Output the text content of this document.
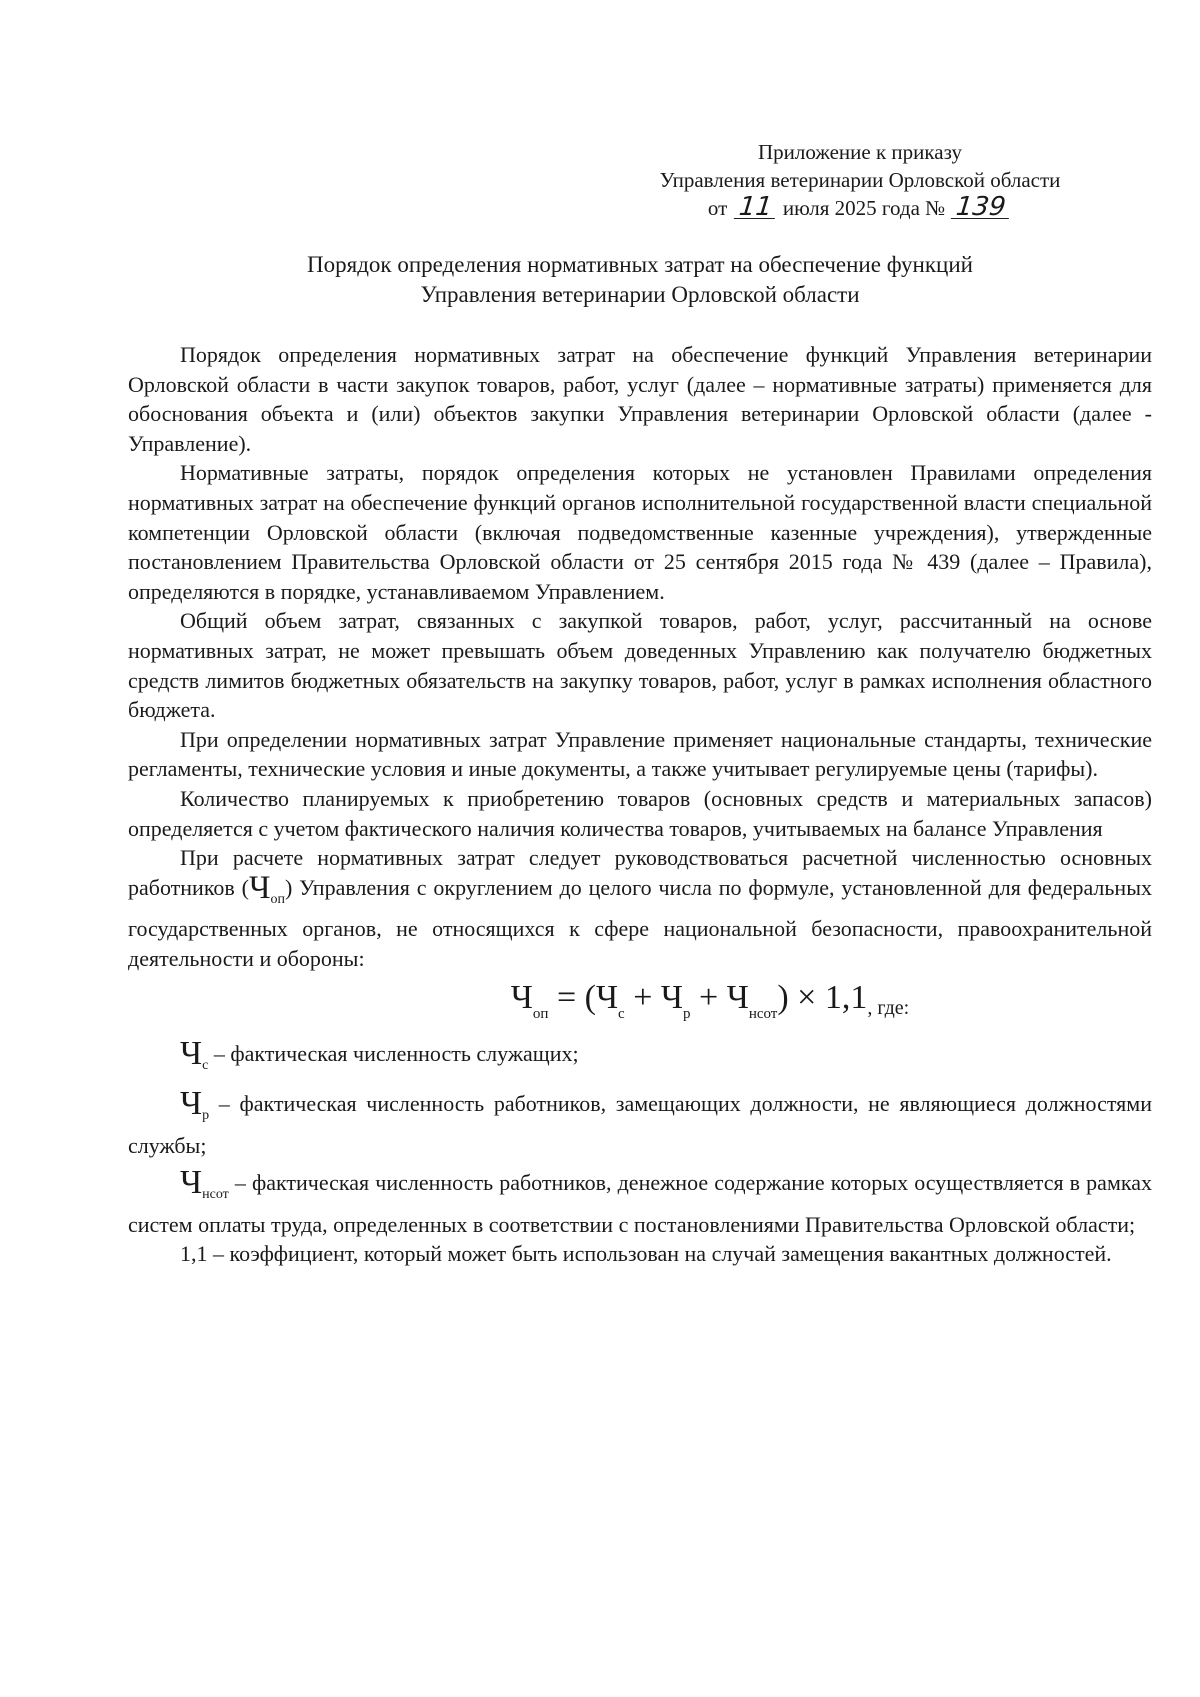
Приложение к приказу
Управления ветеринарии Орловской области
от 11 июля 2025 года № 139
Порядок определения нормативных затрат на обеспечение функций
Управления ветеринарии Орловской области

Порядок определения нормативных затрат на обеспечение функций Управления ветеринарии Орловской области в части закупок товаров, работ, услуг (далее – нормативные затраты) применяется для обоснования объекта и (или) объектов закупки Управления ветеринарии Орловской области (далее - Управление).

Нормативные затраты, порядок определения которых не установлен Правилами определения нормативных затрат на обеспечение функций органов исполнительной государственной власти специальной компетенции Орловской области (включая подведомственные казенные учреждения), утвержденные постановлением Правительства Орловской области от 25 сентября 2015 года № 439 (далее – Правила), определяются в порядке, устанавливаемом Управлением.

Общий объем затрат, связанных с закупкой товаров, работ, услуг, рассчитанный на основе нормативных затрат, не может превышать объем доведенных Управлению как получателю бюджетных средств лимитов бюджетных обязательств на закупку товаров, работ, услуг в рамках исполнения областного бюджета.

При определении нормативных затрат Управление применяет национальные стандарты, технические регламенты, технические условия и иные документы, а также учитывает регулируемые цены (тарифы).

Количество планируемых к приобретению товаров (основных средств и материальных запасов) определяется с учетом фактического наличия количества товаров, учитываемых на балансе Управления

При расчете нормативных затрат следует руководствоваться расчетной численностью основных работников $(Ч_{оп})$ Управления с округлением до целого числа по формуле, установленной для федеральных государственных органов, не относящихся к сфере национальной безопасности, правоохранительной деятельности и обороны:

$Ч_{оп} = (Ч_с + Ч_р + Ч_{нсот}) \times 1,1$, где:

$Ч_с$ – фактическая численность служащих;

$Ч_р$ – фактическая численность работников, замещающих должности, не являющиеся должностями службы;

$Ч_{нсот}$ – фактическая численность работников, денежное содержание которых осуществляется в рамках систем оплаты труда, определенных в соответствии с постановлениями Правительства Орловской области;

1,1 – коэффициент, который может быть использован на случай замещения вакантных должностей.
